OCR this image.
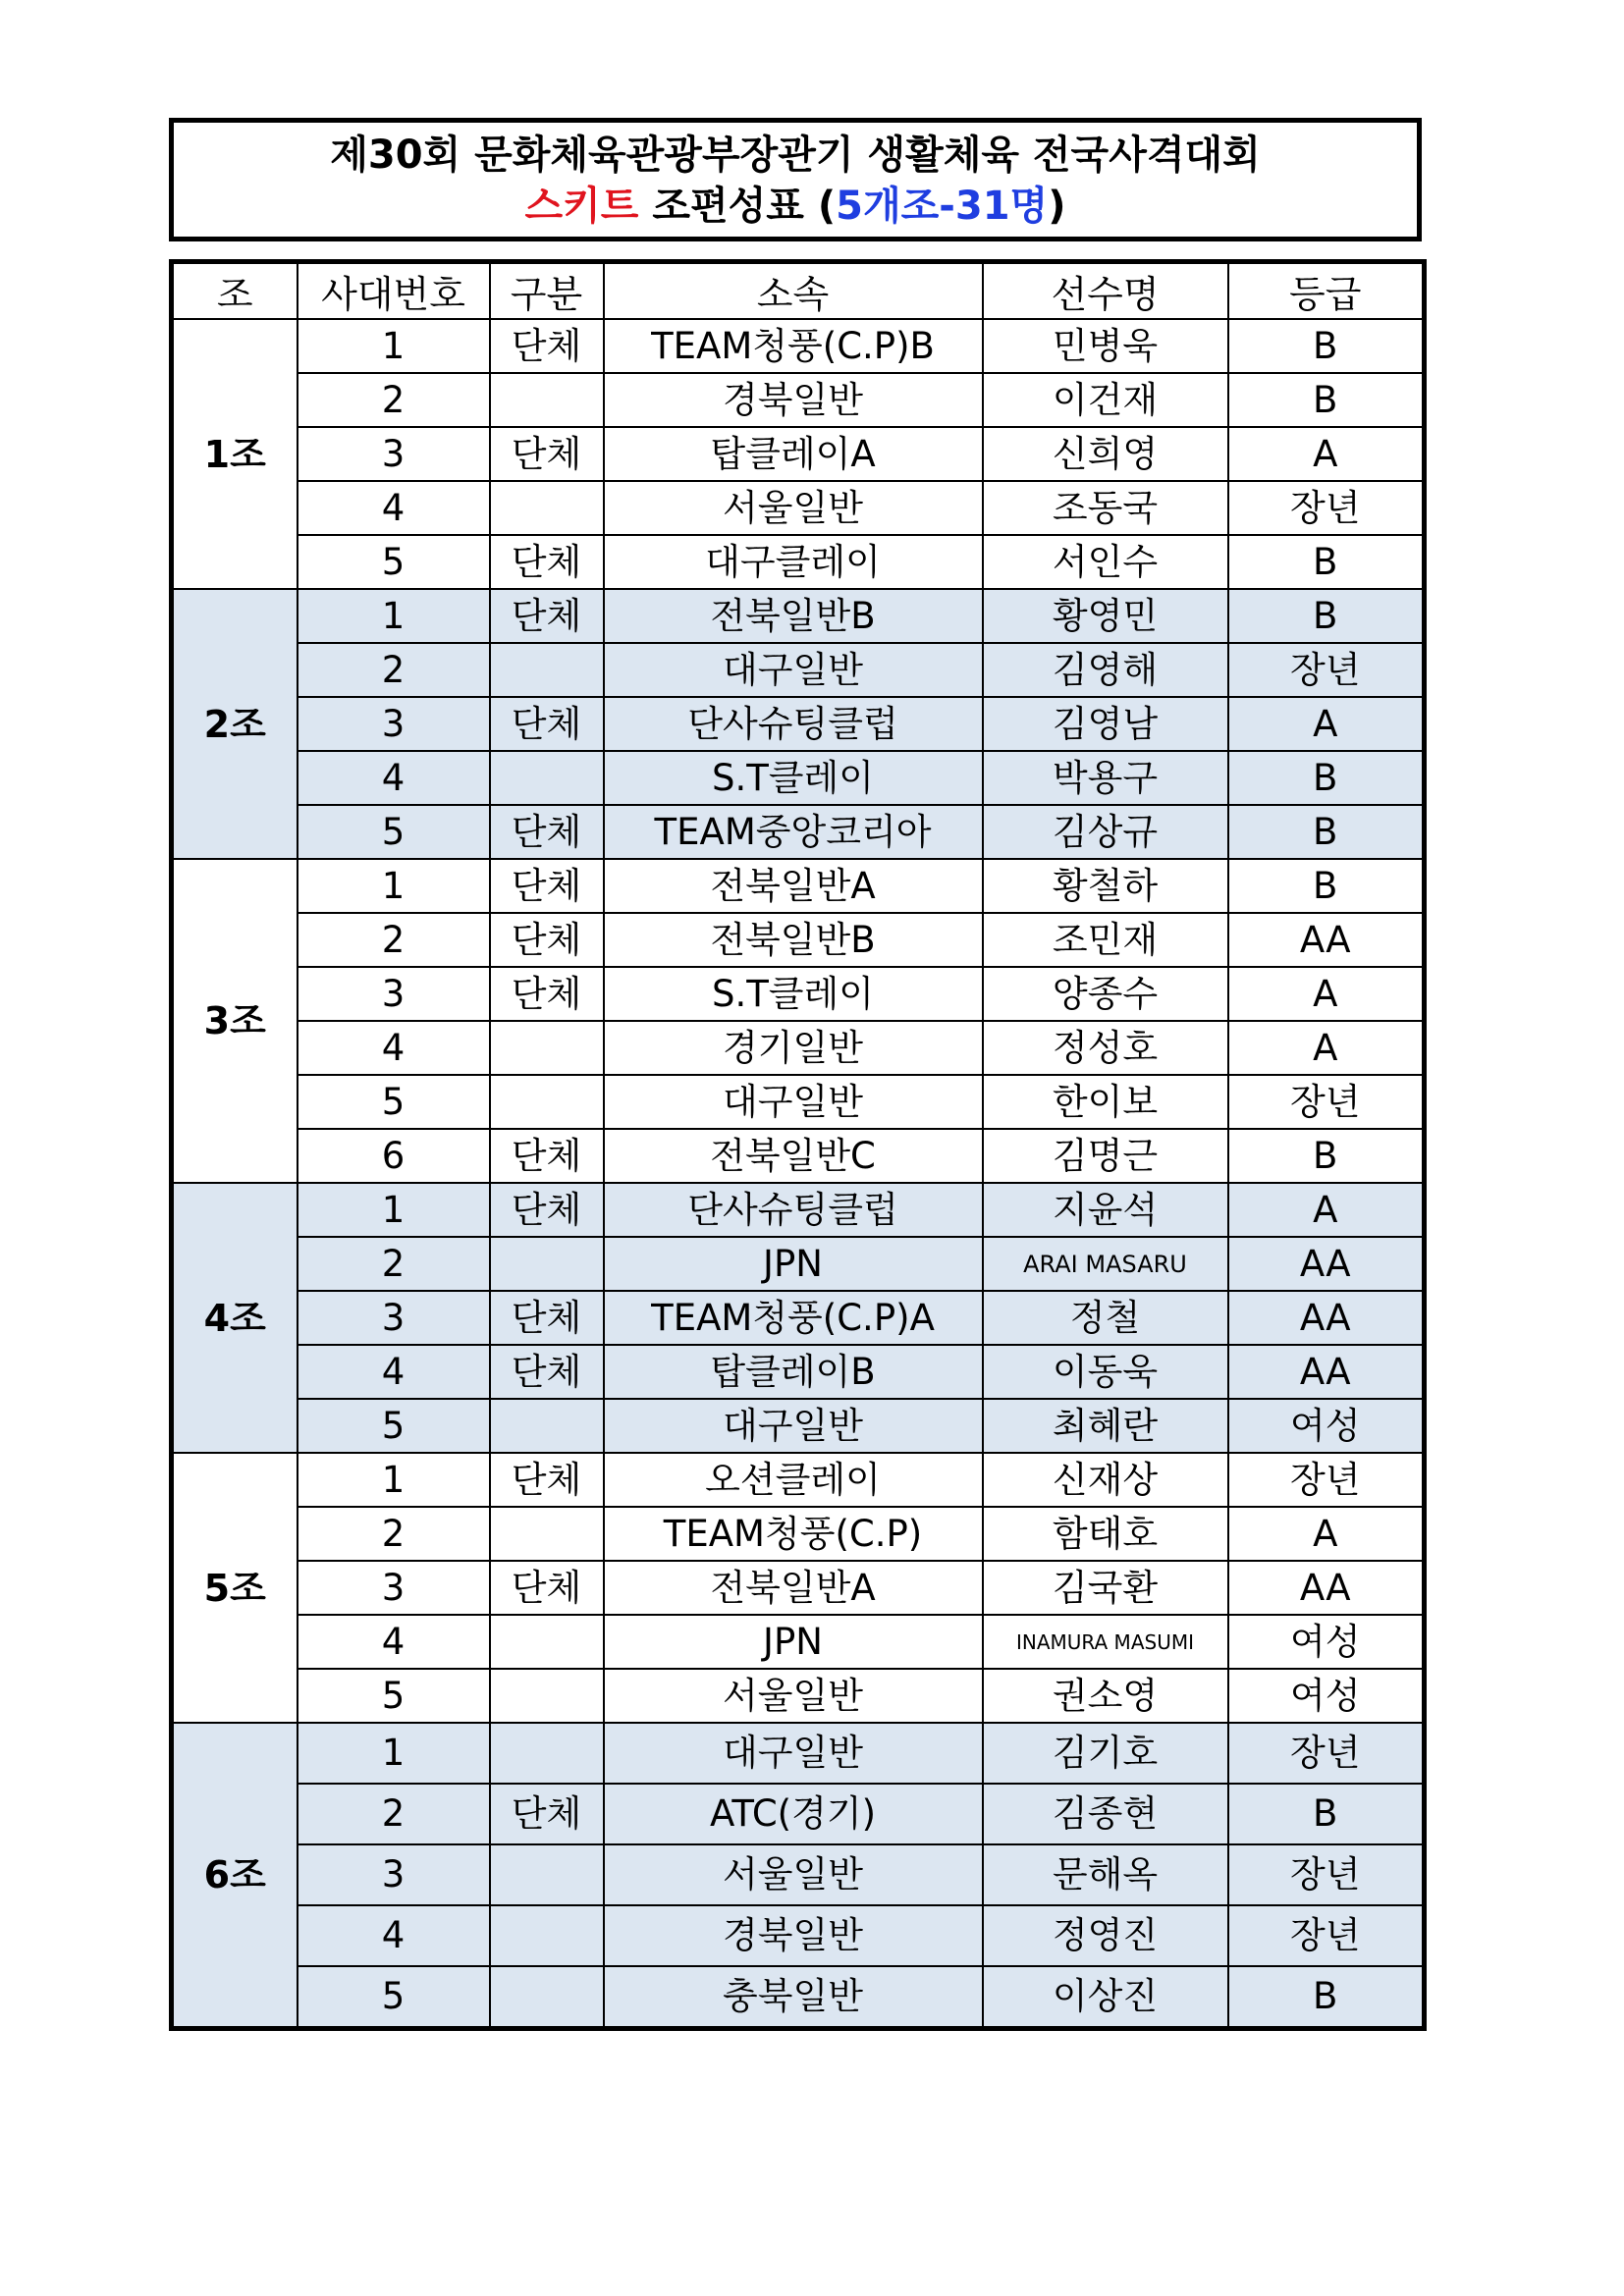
제30회 문화체육관광부장관기 생활체육 전국사격대회
스키트 조편성표 (5개조-31명)
조	사대번호	구분	소속	선수명	등급
1조	1	단체	TEAM청풍(C.P)B	민병욱	B
	2		경북일반	이건재	B
	3	단체	탑클레이A	신희영	A
	4		서울일반	조동국	장년
	5	단체	대구클레이	서인수	B
2조	1	단체	전북일반B	황영민	B
	2		대구일반	김영해	장년
	3	단체	단사슈팅클럽	김영남	A
	4		S.T클레이	박용구	B
	5	단체	TEAM중앙코리아	김상규	B
3조	1	단체	전북일반A	황철하	B
	2	단체	전북일반B	조민재	AA
	3	단체	S.T클레이	양종수	A
	4		경기일반	정성호	A
	5		대구일반	한이보	장년
	6	단체	전북일반C	김명근	B
4조	1	단체	단사슈팅클럽	지윤석	A
	2		JPN	ARAI MASARU	AA
	3	단체	TEAM청풍(C.P)A	정철	AA
	4	단체	탑클레이B	이동욱	AA
	5		대구일반	최혜란	여성
5조	1	단체	오션클레이	신재상	장년
	2		TEAM청풍(C.P)	함태호	A
	3	단체	전북일반A	김국환	AA
	4		JPN	INAMURA MASUMI	여성
	5		서울일반	권소영	여성
6조	1		대구일반	김기호	장년
	2	단체	ATC(경기)	김종현	B
	3		서울일반	문해옥	장년
	4		경북일반	정영진	장년
	5		충북일반	이상진	B
